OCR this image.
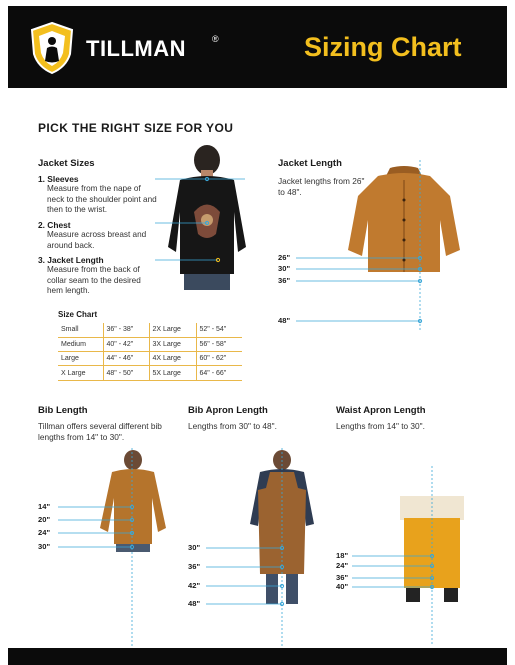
TILLMAN	®	Sizing Chart
PICK THE RIGHT SIZE FOR YOU
Jacket Sizes
1. Sleeves
Measure from the nape of neck to the shoulder point and then to the wrist.
2. Chest
Measure across breast and around back.
3. Jacket Length
Measure from the back of collar seam to the desired hem length.
Size Chart
Small	36" - 38"	2X Large	52" - 54"
Medium	40" - 42"	3X Large	56" - 58"
Large	44" - 46"	4X Large	60" - 62"
X Large	48" - 50"	5X Large	64" - 66"
Jacket Length
Jacket lengths from 26" to 48".
26"
30"
36"
48"
Bib Length
Tillman offers several different bib lengths from 14" to 30".
14"
20"
24"
30"
Bib Apron Length
Lengths from 30" to 48".
30"
36"
42"
48"
Waist Apron Length
Lengths from 14" to 30".
18"
24"
36"
40"
